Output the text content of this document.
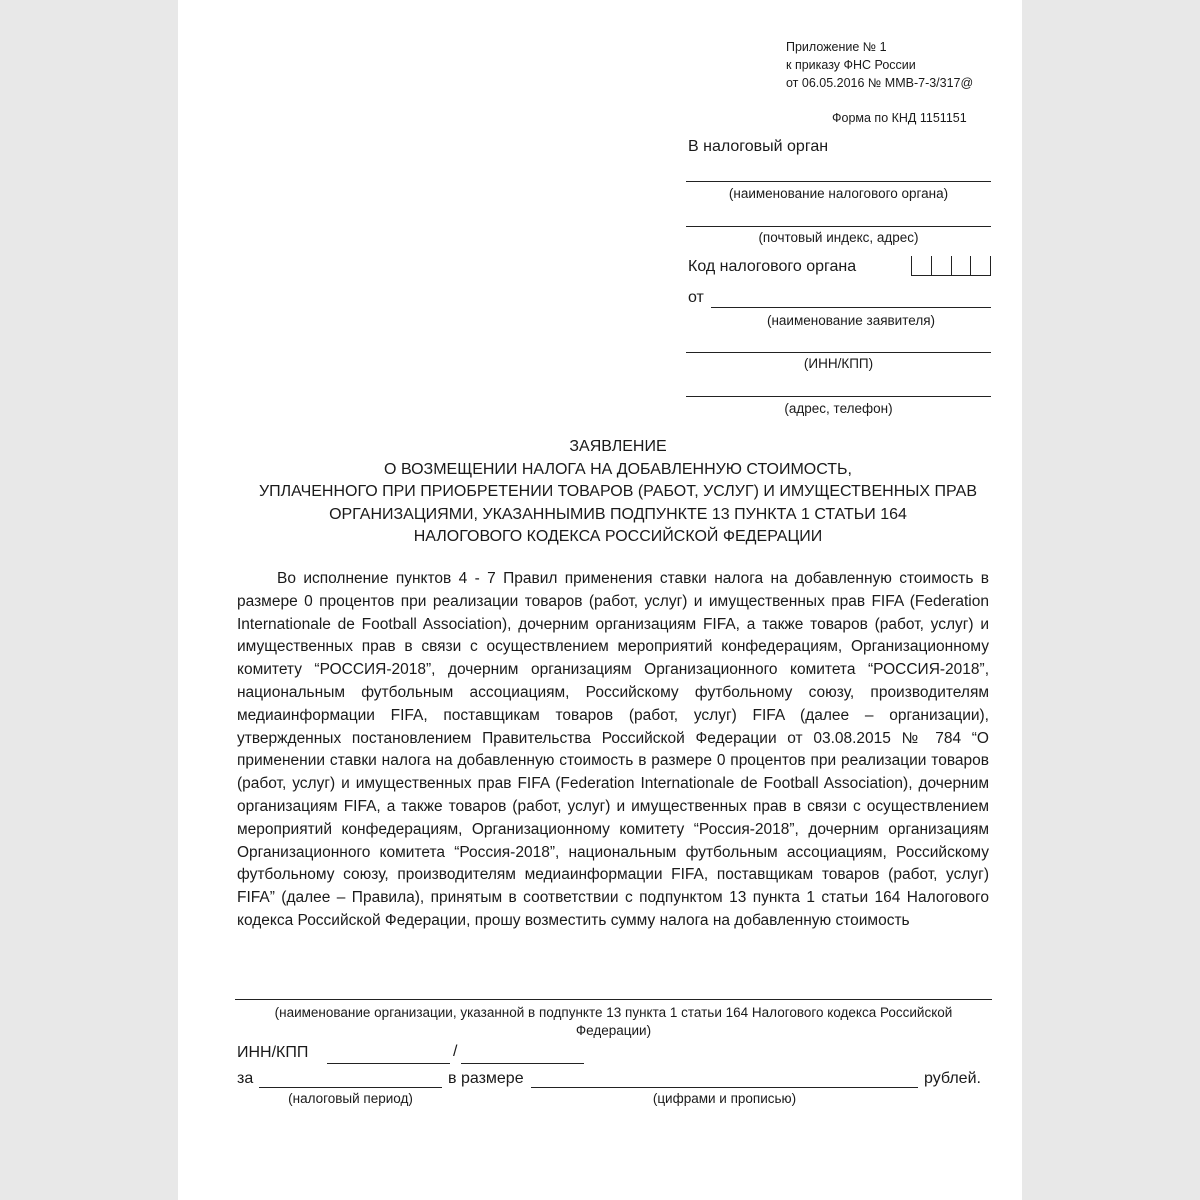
Приложение № 1
к приказу ФНС России
от 06.05.2016 № ММВ-7-3/317@
Форма по КНД 1151151
В налоговый орган
(наименование налогового органа)
(почтовый индекс, адрес)
Код налогового органа
от
(наименование заявителя)
(ИНН/КПП)
(адрес, телефон)
ЗАЯВЛЕНИЕ
О ВОЗМЕЩЕНИИ НАЛОГА НА ДОБАВЛЕННУЮ СТОИМОСТЬ,
УПЛАЧЕННОГО ПРИ ПРИОБРЕТЕНИИ ТОВАРОВ (РАБОТ, УСЛУГ) И ИМУЩЕСТВЕННЫХ ПРАВ
ОРГАНИЗАЦИЯМИ, УКАЗАННЫМИВ ПОДПУНКТЕ 13 ПУНКТА 1 СТАТЬИ 164
НАЛОГОВОГО КОДЕКСА РОССИЙСКОЙ ФЕДЕРАЦИИ

Во исполнение пунктов 4 - 7 Правил применения ставки налога на добавленную стоимость в размере 0 процентов при реализации товаров (работ, услуг) и имущественных прав FIFA (Federation Internationale de Football Association), дочерним организациям FIFA, а также товаров (работ, услуг) и имущественных прав в связи с осуществлением мероприятий конфедерациям, Организационному комитету “РОССИЯ-2018”, дочерним организациям Организационного комитета “РОССИЯ-2018”, национальным футбольным ассоциациям, Российскому футбольному союзу, производителям медиаинформации FIFA, поставщикам товаров (работ, услуг) FIFA (далее – организации), утвержденных постановлением Правительства Российской Федерации от 03.08.2015 № 784 “О применении ставки налога на добавленную стоимость в размере 0 процентов при реализации товаров (работ, услуг) и имущественных прав FIFA (Federation Internationale de Football Association), дочерним организациям FIFA, а также товаров (работ, услуг) и имущественных прав в связи с осуществлением мероприятий конфедерациям, Организационному комитету “Россия-2018”, дочерним организациям Организационного комитета “Россия-2018”, национальным футбольным ассоциациям, Российскому футбольному союзу, производителям медиаинформации FIFA, поставщикам товаров (работ, услуг) FIFA” (далее – Правила), принятым в соответствии с подпунктом 13 пункта 1 статьи 164 Налогового кодекса Российской Федерации, прошу возместить сумму налога на добавленную стоимость

(наименование организации, указанной в подпункте 13 пункта 1 статьи 164 Налогового кодекса Российской
Федерации)
ИНН/КПП	/
за	в размере	рублей.
(налоговый период)	(цифрами и прописью)
